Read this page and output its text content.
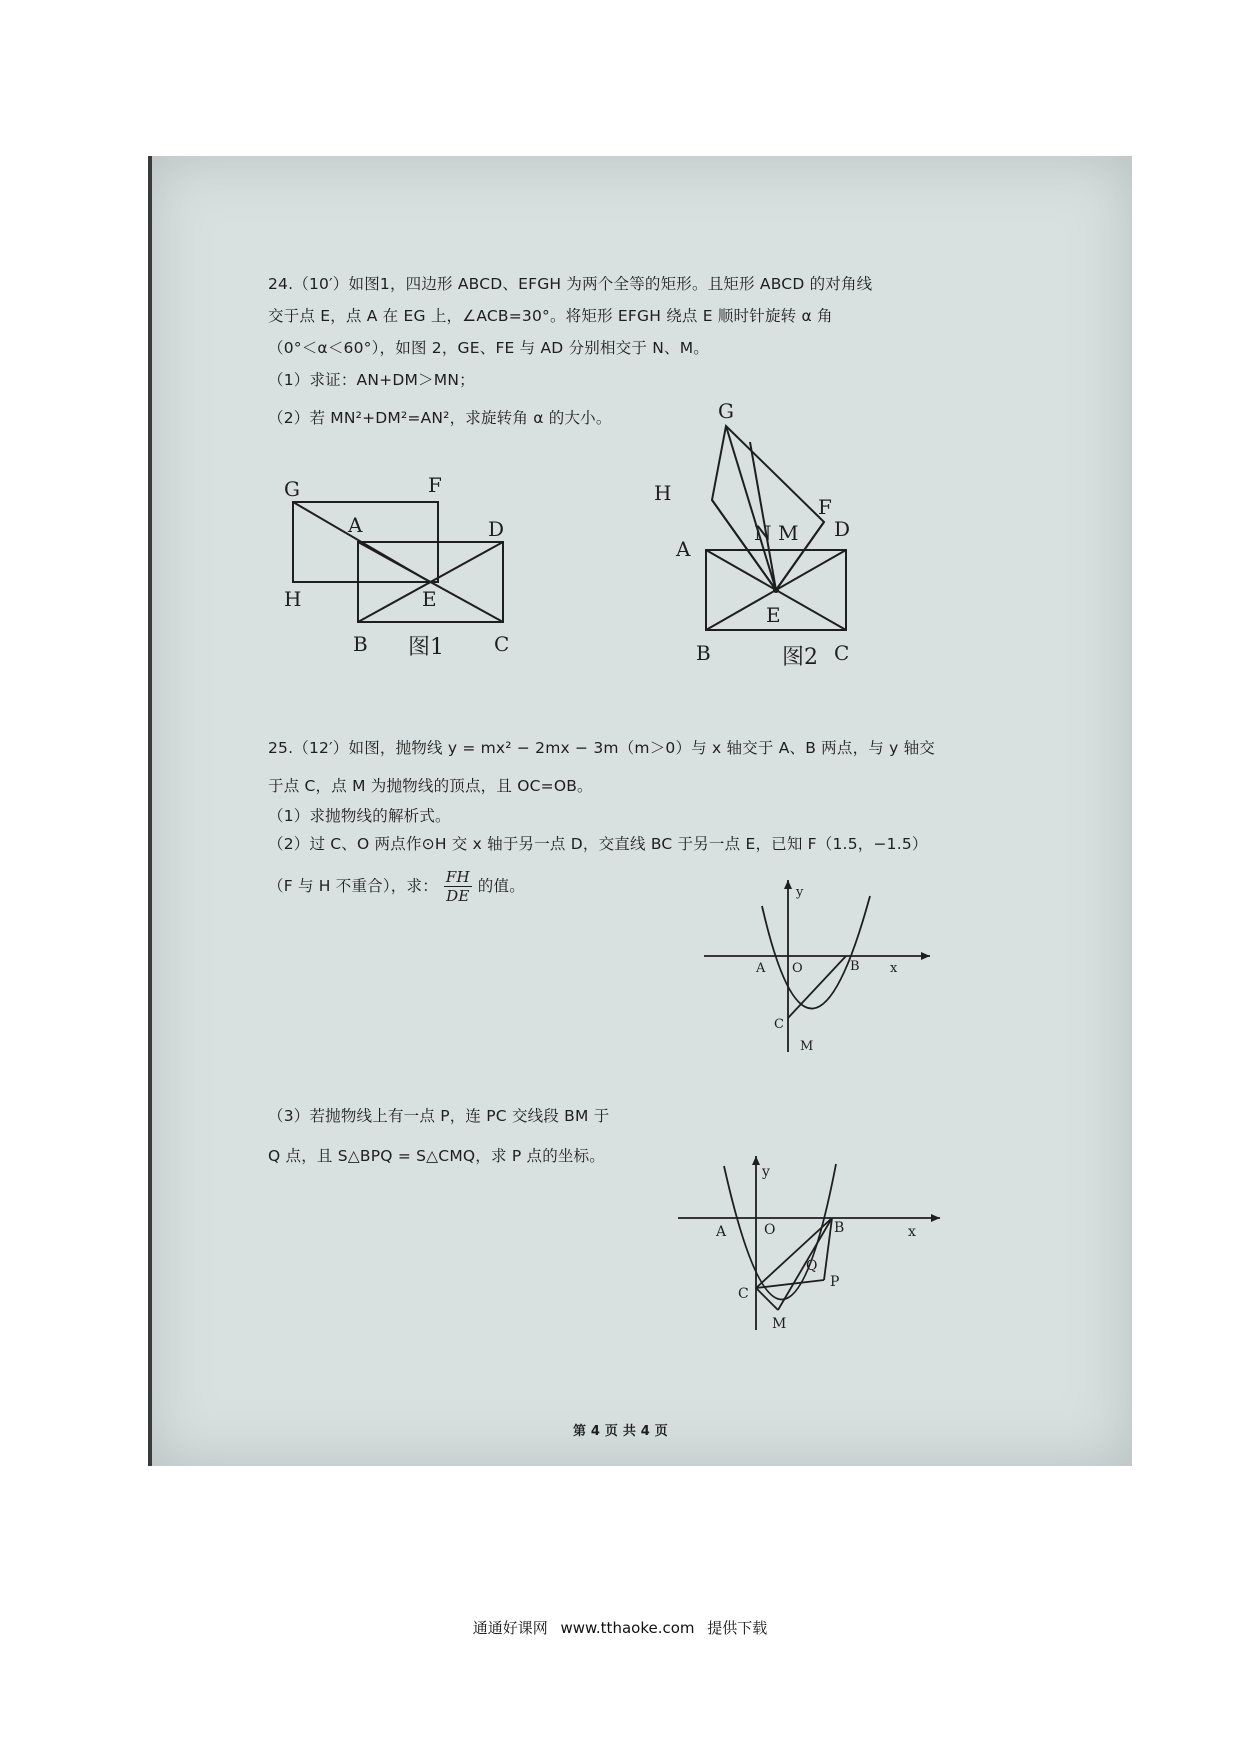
24.（10′）如图1，四边形 ABCD、EFGH 为两个全等的矩形。且矩形 ABCD 的对角线
交于点 E，点 A 在 EG 上，∠ACB=30°。将矩形 EFGH 绕点 E 顺时针旋转 α 角
（0°＜α＜60°），如图 2，GE、FE 与 AD 分别相交于 N、M。
（1）求证：AN+DM＞MN；
（2）若 MN²+DM²=AN²，求旋转角 α 的大小。
G	F
A	D
H	E
B	C
图1
G
H
F
N M D
A
E
B	C
图2
25.（12′）如图，抛物线 y = mx² − 2mx − 3m（m＞0）与 x 轴交于 A、B 两点，与 y 轴交
于点 C，点 M 为抛物线的顶点，且 OC=OB。
（1）求抛物线的解析式。
（2）过 C、O 两点作⊙H 交 x 轴于另一点 D，交直线 BC 于另一点 E，已知 F（1.5，−1.5）
（F 与 H 不重合），求： $\frac{FH}{DE}$ 的值。	y
x
A O	B
C
M
（3）若抛物线上有一点 P，连 PC 交线段 BM 于
Q 点，且 S△BPQ = S△CMQ，求 P 点的坐标。
y
x
A	O	B
Q
P
C
M
第 4 页 共 4 页
通通好课网 www.tthaoke.com 提供下载
